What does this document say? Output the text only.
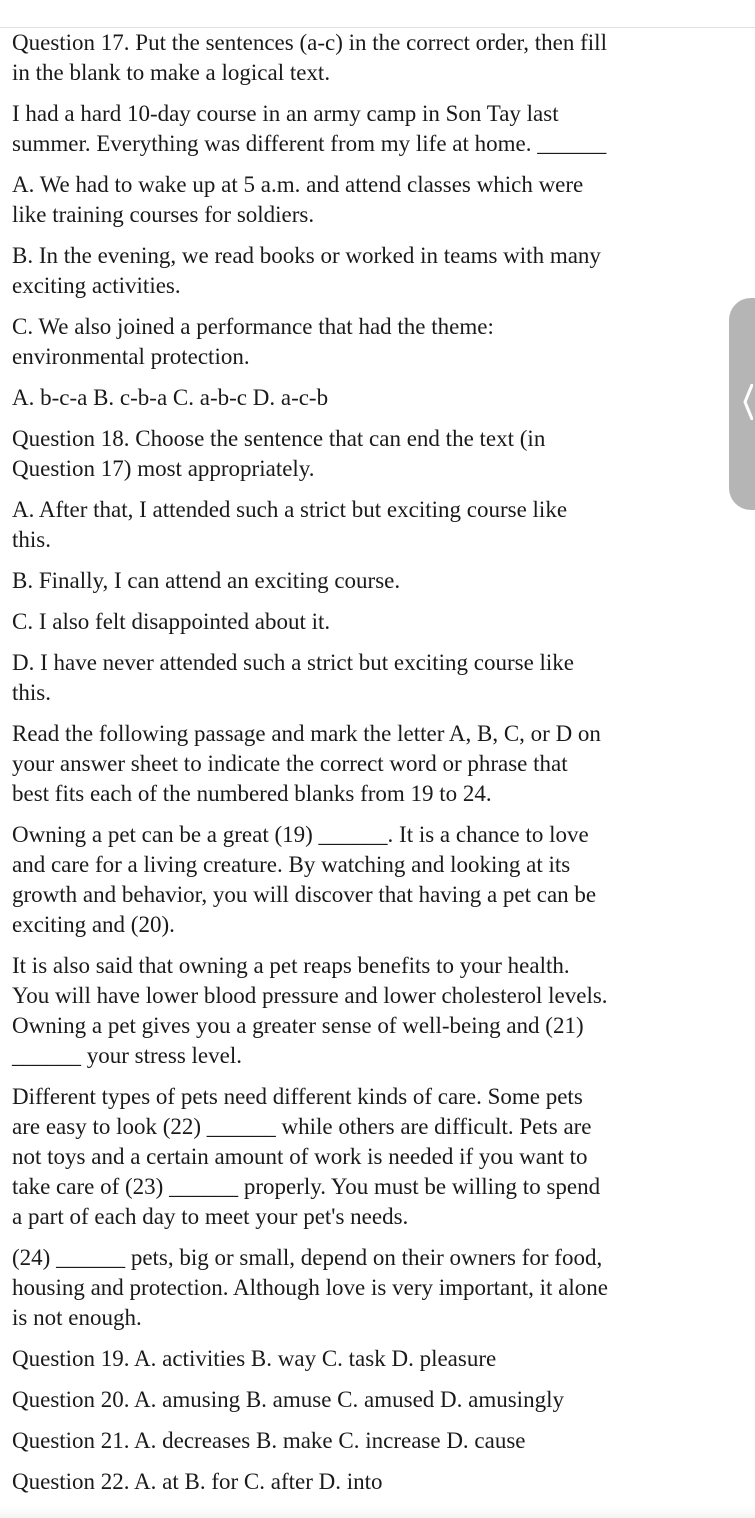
Question 17. Put the sentences (a-c) in the correct order, then fill
in the blank to make a logical text.

I had a hard 10-day course in an army camp in Son Tay last
summer. Everything was different from my life at home. ______

A. We had to wake up at 5 a.m. and attend classes which were
like training courses for soldiers.

B. In the evening, we read books or worked in teams with many
exciting activities.

C. We also joined a performance that had the theme:
environmental protection.

A. b-c-a B. c-b-a C. a-b-c D. a-c-b

Question 18. Choose the sentence that can end the text (in
Question 17) most appropriately.

A. After that, I attended such a strict but exciting course like
this.

B. Finally, I can attend an exciting course.

C. I also felt disappointed about it.

D. I have never attended such a strict but exciting course like
this.

Read the following passage and mark the letter A, B, C, or D on
your answer sheet to indicate the correct word or phrase that
best fits each of the numbered blanks from 19 to 24.

Owning a pet can be a great (19) ______. It is a chance to love
and care for a living creature. By watching and looking at its
growth and behavior, you will discover that having a pet can be
exciting and (20).

It is also said that owning a pet reaps benefits to your health.
You will have lower blood pressure and lower cholesterol levels.
Owning a pet gives you a greater sense of well-being and (21)
______ your stress level.

Different types of pets need different kinds of care. Some pets
are easy to look (22) ______ while others are difficult. Pets are
not toys and a certain amount of work is needed if you want to
take care of (23) ______ properly. You must be willing to spend
a part of each day to meet your pet's needs.

(24) ______ pets, big or small, depend on their owners for food,
housing and protection. Although love is very important, it alone
is not enough.

Question 19. A. activities B. way C. task D. pleasure

Question 20. A. amusing B. amuse C. amused D. amusingly

Question 21. A. decreases B. make C. increase D. cause

Question 22. A. at B. for C. after D. into
